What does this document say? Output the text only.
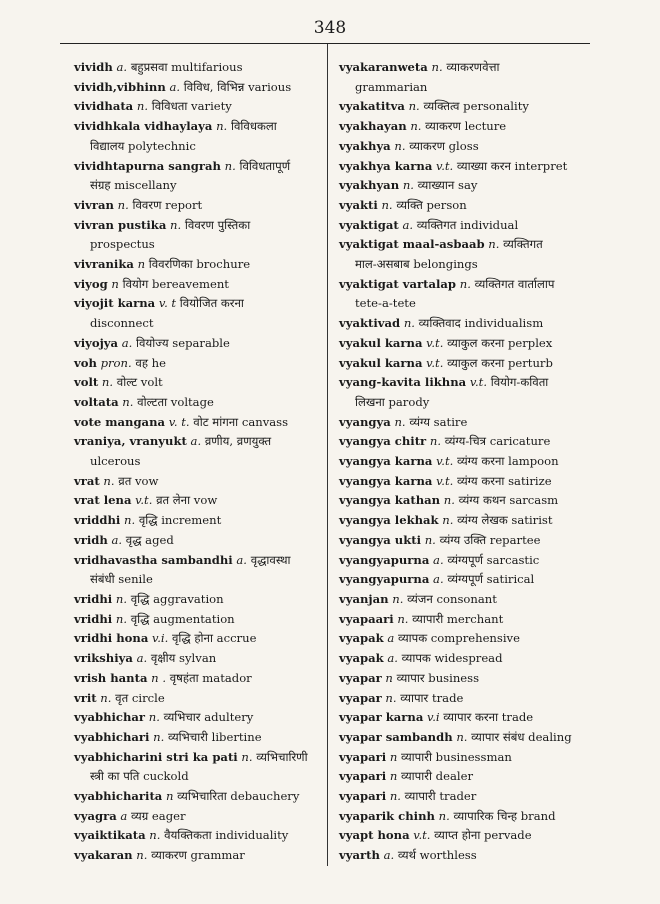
348
vividh a. बहुप्रसवा multifarious
vividh,vibhinn a. विविध, विभिन्न various
vividhata n. विविधता variety
vividhkala vidhaylaya n. विविधकला
विद्यालय polytechnic
vividhtapurna sangrah n. विविधतापूर्ण
संग्रह miscellany
vivran n. विवरण report
vivran pustika n. विवरण पुस्तिका
prospectus
vivranika n विवरणिका brochure
viyog n वियोग bereavement
viyojit karna v. t वियोजित करना
disconnect
viyojya a. वियोज्य separable
voh pron. वह he
volt n. वोल्ट volt
voltata n. वोल्टता voltage
vote mangana v. t. वोट मांगना canvass
vraniya, vranyukt a. व्रणीय, व्रणयुक्त
ulcerous
vrat n. व्रत vow
vrat lena v.t. व्रत लेना vow
vriddhi n. वृद्धि increment
vridh a. वृद्ध aged
vridhavastha sambandhi a. वृद्धावस्था
संबंधी senile
vridhi n. वृद्धि aggravation
vridhi n. वृद्धि augmentation
vridhi hona v.i. वृद्धि होना accrue
vrikshiya a. वृक्षीय sylvan
vrish hanta n . वृषहंता matador
vrit n. वृत circle
vyabhichar n. व्यभिचार adultery
vyabhichari n. व्यभिचारी libertine
vyabhicharini stri ka pati n. व्यभिचारिणी
स्त्री का पति cuckold
vyabhicharita n व्यभिचारिता debauchery
vyagra a व्यग्र eager
vyaiktikata n. वैयक्तिकता individuality
vyakaran n. व्याकरण grammar
vyakaranweta n. व्याकरणवेत्ता
grammarian
vyakatitva n. व्यक्तित्व personality
vyakhayan n. व्याकरण lecture
vyakhya n. व्याकरण gloss
vyakhya karna v.t. व्याख्या करन interpret
vyakhyan n. व्याख्यान say
vyakti n. व्यक्ति person
vyaktigat a. व्यक्तिगत individual
vyaktigat maal-asbaab n. व्यक्तिगत
माल-असबाब belongings
vyaktigat vartalap n. व्यक्तिगत वार्तालाप
tete-a-tete
vyaktivad n. व्यक्तिवाद individualism
vyakul karna v.t. व्याकुल करना perplex
vyakul karna v.t. व्याकुल करना perturb
vyang-kavita likhna v.t. वियोग-कविता
लिखना parody
vyangya n. व्यंग्य satire
vyangya chitr n. व्यंग्य-चित्र caricature
vyangya karna v.t. व्यंग्य करना lampoon
vyangya karna v.t. व्यंग्य करना satirize
vyangya kathan n. व्यंग्य कथन sarcasm
vyangya lekhak n. व्यंग्य लेखक satirist
vyangya ukti n. व्यंग्य उक्ति repartee
vyangyapurna a. व्यंग्यपूर्ण sarcastic
vyangyapurna a. व्यंग्यपूर्ण satirical
vyanjan n. व्यंजन consonant
vyapaari n. व्यापारी merchant
vyapak a व्यापक comprehensive
vyapak a. व्यापक widespread
vyapar n व्यापार business
vyapar n. व्यापार trade
vyapar karna v.i व्यापार करना trade
vyapar sambandh n. व्यापार संबंध dealing
vyapari n व्यापारी businessman
vyapari n व्यापारी dealer
vyapari n. व्यापारी trader
vyaparik chinh n. व्यापारिक चिन्ह brand
vyapt hona v.t. व्याप्त होना pervade
vyarth a. व्यर्थ worthless
